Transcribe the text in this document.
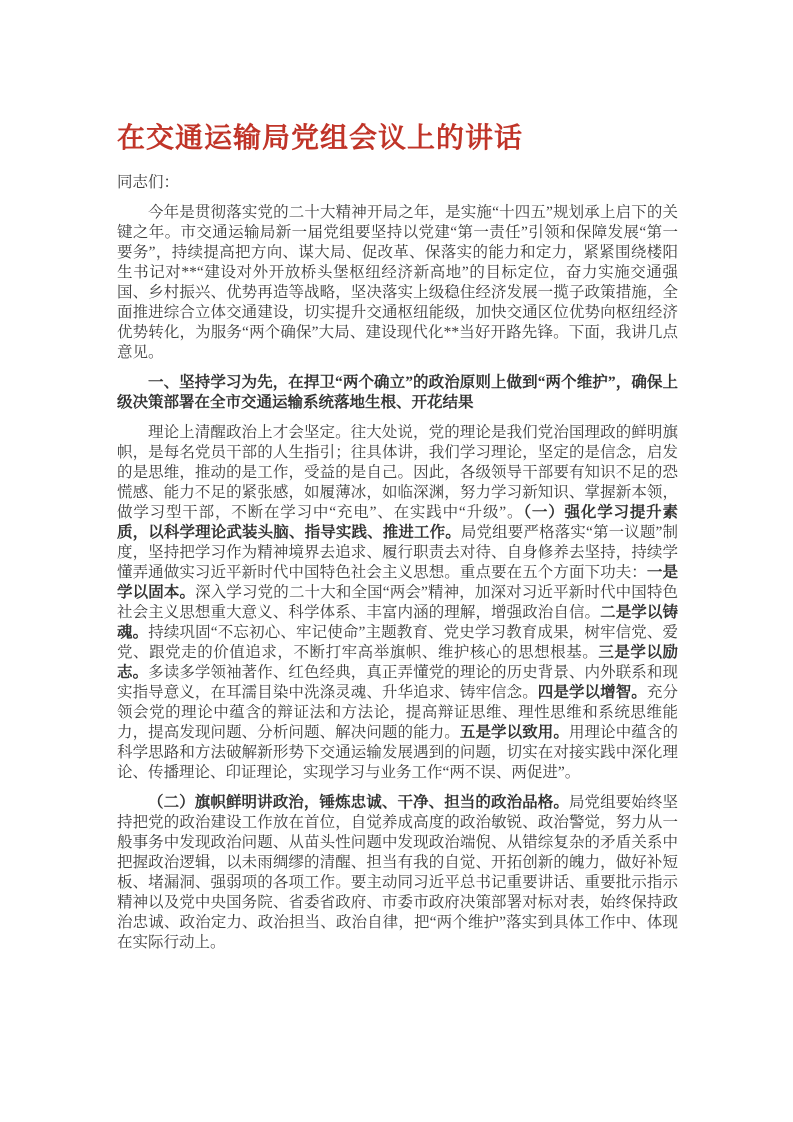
在交通运输局党组会议上的讲话

同志们：

今年是贯彻落实党的二十大精神开局之年，是实施“十四五”规划承上启下的关键之年。市交通运输局新一届党组要坚持以党建“第一责任”引领和保障发展“第一要务”，持续提高把方向、谋大局、促改革、保落实的能力和定力，紧紧围绕楼阳生书记对**“建设对外开放桥头堡枢纽经济新高地”的目标定位，奋力实施交通强国、乡村振兴、优势再造等战略，坚决落实上级稳住经济发展一揽子政策措施，全面推进综合立体交通建设，切实提升交通枢纽能级，加快交通区位优势向枢纽经济优势转化，为服务“两个确保”大局、建设现代化**当好开路先锋。下面，我讲几点意见。

一、坚持学习为先，在捍卫“两个确立”的政治原则上做到“两个维护”，确保上级决策部署在全市交通运输系统落地生根、开花结果

理论上清醒政治上才会坚定。往大处说，党的理论是我们党治国理政的鲜明旗帜，是每名党员干部的人生指引；往具体讲，我们学习理论，坚定的是信念，启发的是思维，推动的是工作，受益的是自己。因此，各级领导干部要有知识不足的恐慌感、能力不足的紧张感，如履薄冰，如临深渊，努力学习新知识、掌握新本领，做学习型干部，不断在学习中“充电”、在实践中“升级”。（一）强化学习提升素质，以科学理论武装头脑、指导实践、推进工作。局党组要严格落实“第一议题”制度，坚持把学习作为精神境界去追求、履行职责去对待、自身修养去坚持，持续学懂弄通做实习近平新时代中国特色社会主义思想。重点要在五个方面下功夫：一是学以固本。深入学习党的二十大和全国“两会”精神，加深对习近平新时代中国特色社会主义思想重大意义、科学体系、丰富内涵的理解，增强政治自信。二是学以铸魂。持续巩固“不忘初心、牢记使命”主题教育、党史学习教育成果，树牢信党、爱党、跟党走的价值追求，不断打牢高举旗帜、维护核心的思想根基。三是学以励志。多读多学领袖著作、红色经典，真正弄懂党的理论的历史背景、内外联系和现实指导意义，在耳濡目染中洗涤灵魂、升华追求、铸牢信念。四是学以增智。充分领会党的理论中蕴含的辩证法和方法论，提高辩证思维、理性思维和系统思维能力，提高发现问题、分析问题、解决问题的能力。五是学以致用。用理论中蕴含的科学思路和方法破解新形势下交通运输发展遇到的问题，切实在对接实践中深化理论、传播理论、印证理论，实现学习与业务工作“两不误、两促进”。

（二）旗帜鲜明讲政治，锤炼忠诚、干净、担当的政治品格。局党组要始终坚持把党的政治建设工作放在首位，自觉养成高度的政治敏锐、政治警觉，努力从一般事务中发现政治问题、从苗头性问题中发现政治端倪、从错综复杂的矛盾关系中把握政治逻辑，以未雨绸缪的清醒、担当有我的自觉、开拓创新的魄力，做好补短板、堵漏洞、强弱项的各项工作。要主动同习近平总书记重要讲话、重要批示指示精神以及党中央国务院、省委省政府、市委市政府决策部署对标对表，始终保持政治忠诚、政治定力、政治担当、政治自律，把“两个维护”落实到具体工作中、体现在实际行动上。
